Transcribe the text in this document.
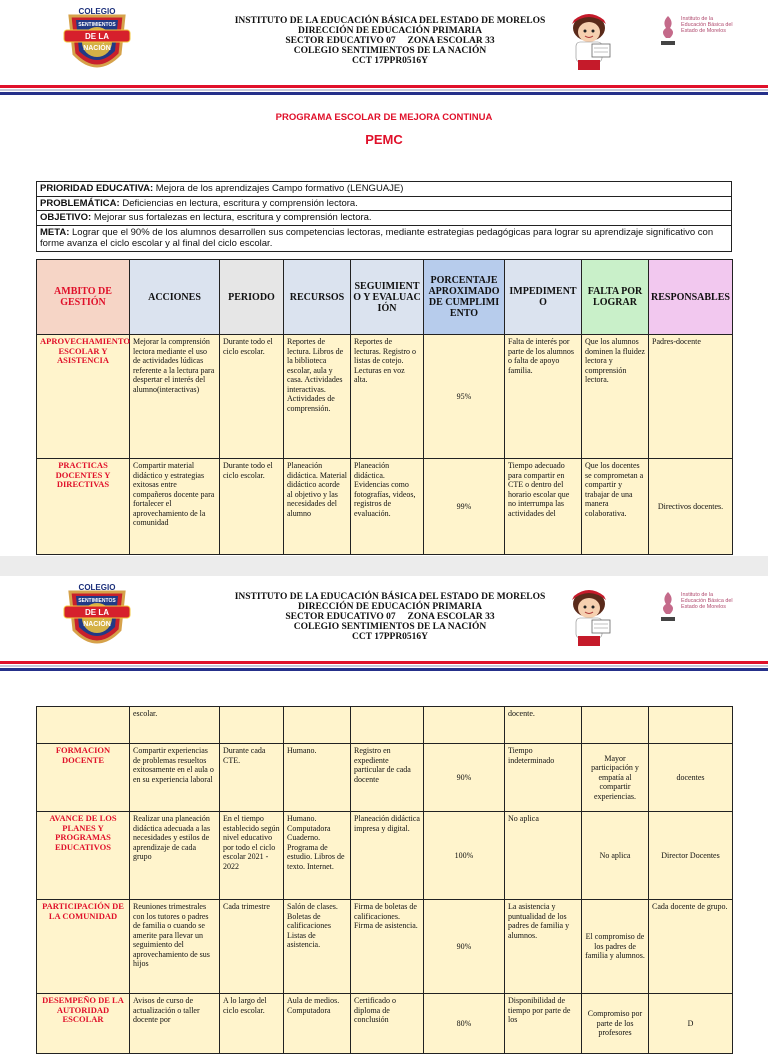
COLEGIO
SENTIMIENTOS
DE LA
NACIÓN
INSTITUTO DE LA EDUCACIÓN BÁSICA DEL ESTADO DE MORELOS
DIRECCIÓN DE EDUCACIÓN PRIMARIA
SECTOR EDUCATIVO 07     ZONA ESCOLAR 33
COLEGIO SENTIMIENTOS DE LA NACIÓN
CCT 17PPR0516Y
Instituto de la
Educación Básica del
Estado de Morelos
PROGRAMA ESCOLAR DE MEJORA CONTINUA
PEMC
PRIORIDAD EDUCATIVA: Mejora de los aprendizajes Campo formativo (LENGUAJE)
PROBLEMÁTICA: Deficiencias en lectura, escritura y comprensión lectora.
OBJETIVO: Mejorar sus fortalezas en lectura, escritura y comprensión lectora.
META: Lograr que el 90% de los alumnos desarrollen sus competencias lectoras, mediante estrategias pedagógicas para lograr su aprendizaje significativo con forme avanza el ciclo escolar y al final del ciclo escolar.
AMBITO DE GESTIÓN	ACCIONES	PERIODO	RECURSOS	SEGUIMIENTO Y EVALUACIÓN	PORCENTAJE APROXIMADO DE CUMPLIMIENTO	IMPEDIMENTO	FALTA POR LOGRAR	RESPONSABLES
APROVECHAMIENTO ESCOLAR Y ASISTENCIA	Mejorar la comprensión lectora mediante el uso de actividades lúdicas referente a la lectura para despertar el interés del alumno(interactivas)	Durante todo el ciclo escolar.	Reportes de lectura. Libros de la biblioteca escolar, aula y casa. Actividades interactivas. Actividades de comprensión.	Reportes de lecturas. Registro o listas de cotejo. Lecturas en voz alta.	95%	Falta de interés por parte de los alumnos o falta de apoyo familia.	Que los alumnos dominen la fluidez lectora y comprensión lectora.	Padres-docente
PRACTICAS DOCENTES Y DIRECTIVAS	Compartir material didáctico y estrategias exitosas entre compañeros docente para fortalecer el aprovechamiento de la comunidad	Durante todo el ciclo escolar.	Planeación didáctica. Material didáctico acorde al objetivo y las necesidades del alumno	Planeación didáctica. Evidencias como fotografías, videos, registros de evaluación.	99%	Tiempo adecuado para compartir en CTE o dentro del horario escolar que no interrumpa las actividades del	Que los docentes se comprometan a compartir y trabajar de una manera colaborativa.	Directivos docentes.
COLEGIO
SENTIMIENTOS
DE LA
NACIÓN
INSTITUTO DE LA EDUCACIÓN BÁSICA DEL ESTADO DE MORELOS
DIRECCIÓN DE EDUCACIÓN PRIMARIA
SECTOR EDUCATIVO 07     ZONA ESCOLAR 33
COLEGIO SENTIMIENTOS DE LA NACIÓN
CCT 17PPR0516Y
Instituto de la
Educación Básica del
Estado de Morelos
	escolar.					docente.		
FORMACION DOCENTE	Compartir experiencias de problemas resueltos exitosamente en el aula o en su experiencia laboral	Durante cada CTE.	Humano.	Registro en expediente particular de cada docente	90%	Tiempo indeterminado	Mayor participación y empatía al compartir experiencias.	docentes
AVANCE DE LOS PLANES Y PROGRAMAS EDUCATIVOS	Realizar una planeación didáctica adecuada a las necesidades y estilos de aprendizaje de cada grupo	En el tiempo establecido según nivel educativo por todo el ciclo escolar 2021 - 2022	Humano. Computadora Cuaderno. Programa de estudio. Libros de texto. Internet.	Planeación didáctica impresa y digital.	100%	No aplica	No aplica	Director Docentes
PARTICIPACIÓN DE LA COMUNIDAD	Reuniones trimestrales con los tutores o padres de familia o cuando se amerite para llevar un seguimiento del aprovechamiento de sus hijos	Cada trimestre	Salón de clases. Boletas de calificaciones Listas de asistencia.	Firma de boletas de calificaciones. Firma de asistencia.	90%	La asistencia y puntualidad de los padres de familia y alumnos.	El compromiso de los padres de familia y alumnos.	Cada docente de grupo.
DESEMPEÑO DE LA AUTORIDAD ESCOLAR	Avisos de curso de actualización o taller docente por	A lo largo del ciclo escolar.	Aula de medios. Computadora	Certificado o diploma de conclusión	80%	Disponibilidad de tiempo por parte de los	Compromiso por parte de los profesores	D
